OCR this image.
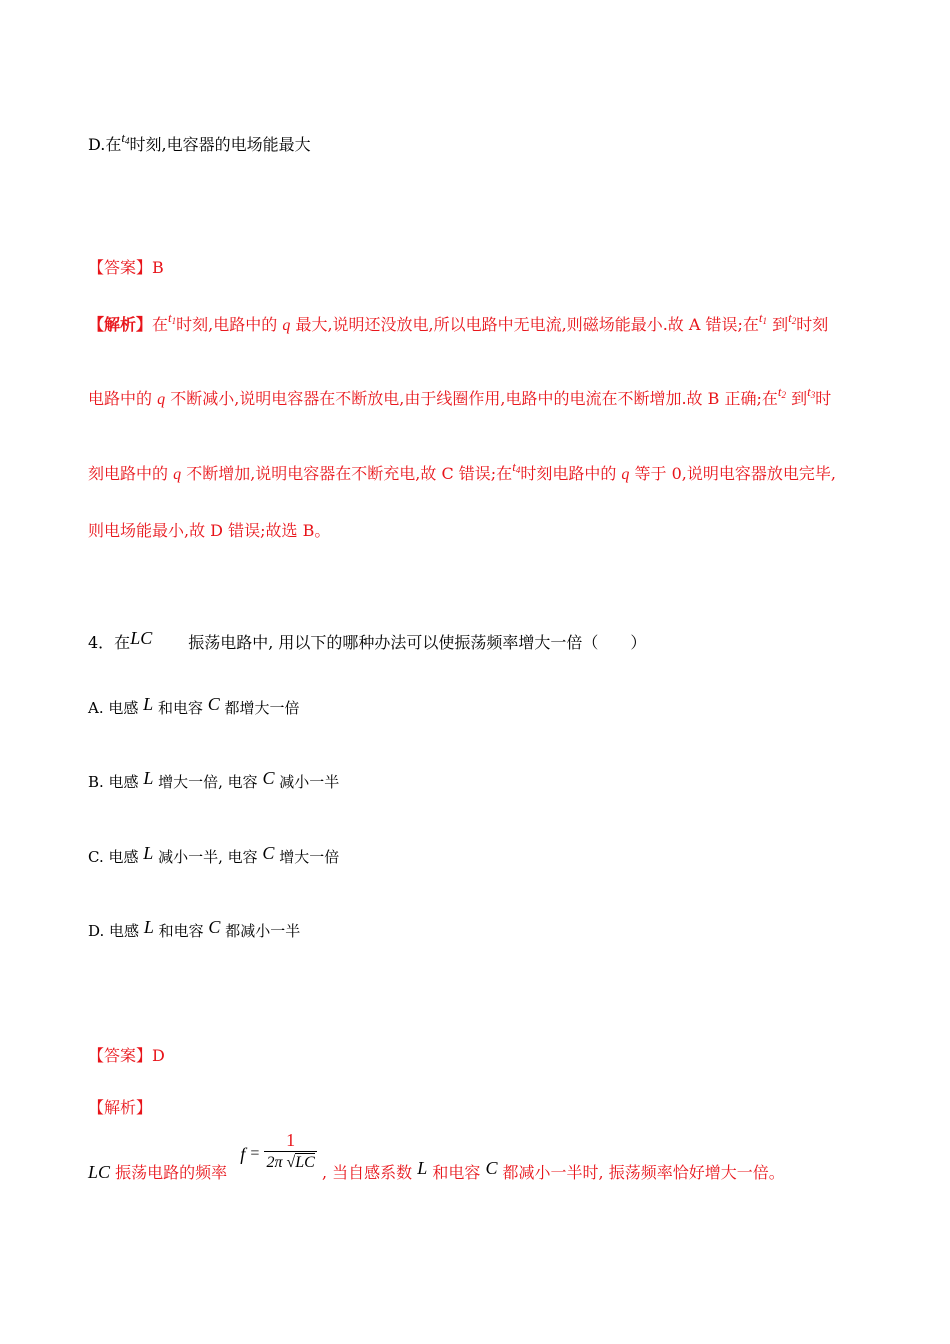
D.在$^{t_4}$时刻,电容器的电场能最大
【答案】B
【解析】在$^{t_1}$时刻,电路中的 q 最大,说明还没放电,所以电路中无电流,则磁场能最小.故 A 错误;在$^{t_1}$ 到$^{t_2}$时刻
电路中的 q 不断减小,说明电容器在不断放电,由于线圈作用,电路中的电流在不断增加.故 B 正确;在$^{t_2}$ 到$^{t_3}$时
刻电路中的 q 不断增加,说明电容器在不断充电,故 C 错误;在$^{t_4}$时刻电路中的 q 等于 0,说明电容器放电完毕,
则电场能最小,故 D 错误;故选 B。
4．在LC 振荡电路中, 用以下的哪种办法可以使振荡频率增大一倍（　　）
A. 电感 L 和电容 C 都增大一倍
B. 电感 L 增大一倍, 电容 C 减小一半
C. 电感 L 减小一半, 电容 C 增大一倍
D. 电感 L 和电容 C 都减小一半
【答案】D
【解析】
LC 振荡电路的频率 $f = \frac{1}{2\pi √LC}$ , 当自感系数 L 和电容 C 都减小一半时, 振荡频率恰好增大一倍。
